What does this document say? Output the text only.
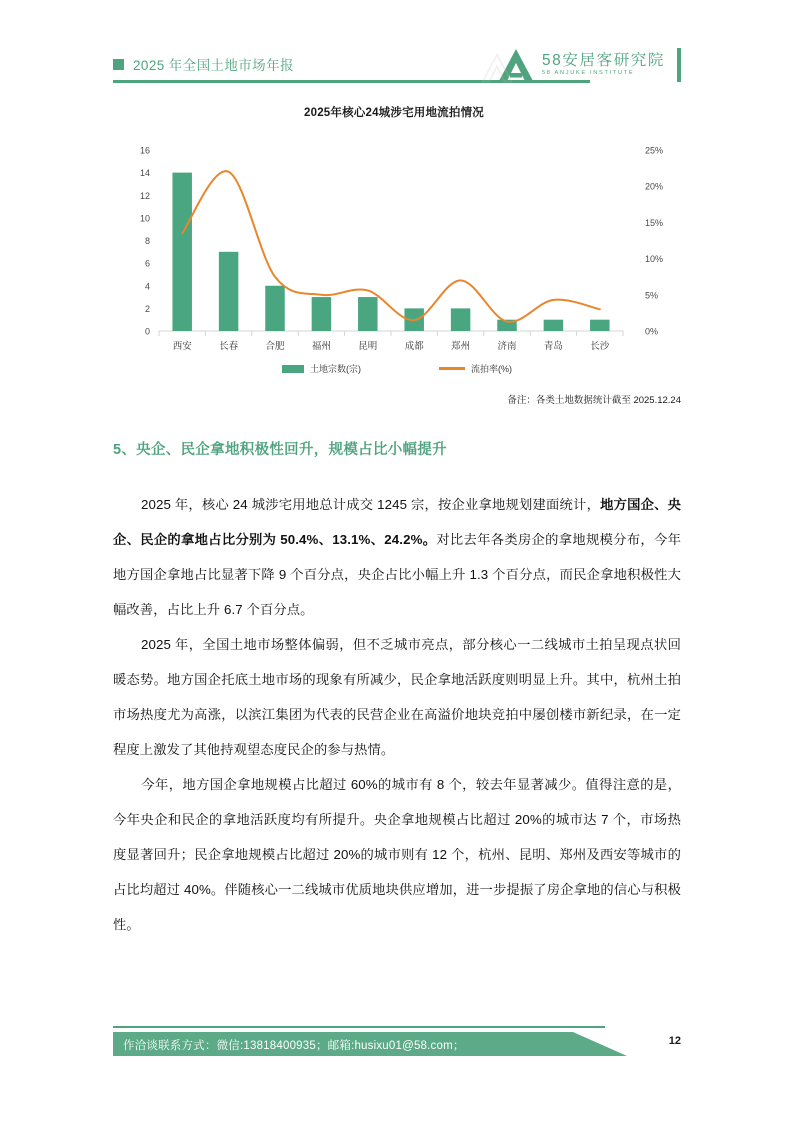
2025 年全国土地市场年报	58安居客研究院
58 ANJUKE INSTITUTE
2025年核心24城涉宅用地流拍情况
0
2
4
6
8
10
12
14
16
0%
5%
10%
15%
20%
25%
西安	长春	合肥	福州	昆明	成都	郑州	济南	青岛	长沙
土地宗数(宗)	流拍率(%)
备注：各类土地数据统计截至 2025.12.24
5、央企、民企拿地积极性回升，规模占比小幅提升

2025 年，核心 24 城涉宅用地总计成交 1245 宗，按企业拿地规划建面统计，地方国企、央企、民企的拿地占比分别为 50.4%、13.1%、24.2%。对比去年各类房企的拿地规模分布，今年地方国企拿地占比显著下降 9 个百分点，央企占比小幅上升 1.3 个百分点，而民企拿地积极性大幅改善，占比上升 6.7 个百分点。

2025 年，全国土地市场整体偏弱，但不乏城市亮点，部分核心一二线城市土拍呈现点状回暖态势。地方国企托底土地市场的现象有所减少，民企拿地活跃度则明显上升。其中，杭州土拍市场热度尤为高涨，以滨江集团为代表的民营企业在高溢价地块竞拍中屡创楼市新纪录，在一定程度上激发了其他持观望态度民企的参与热情。

今年，地方国企拿地规模占比超过 60%的城市有 8 个，较去年显著减少。值得注意的是，今年央企和民企的拿地活跃度均有所提升。央企拿地规模占比超过 20%的城市达 7 个，市场热度显著回升；民企拿地规模占比超过 20%的城市则有 12 个，杭州、昆明、郑州及西安等城市的占比均超过 40%。伴随核心一二线城市优质地块供应增加，进一步提振了房企拿地的信心与积极性。

作洽谈联系方式：微信:13818400935；邮箱:husixu01@58.com；	12
